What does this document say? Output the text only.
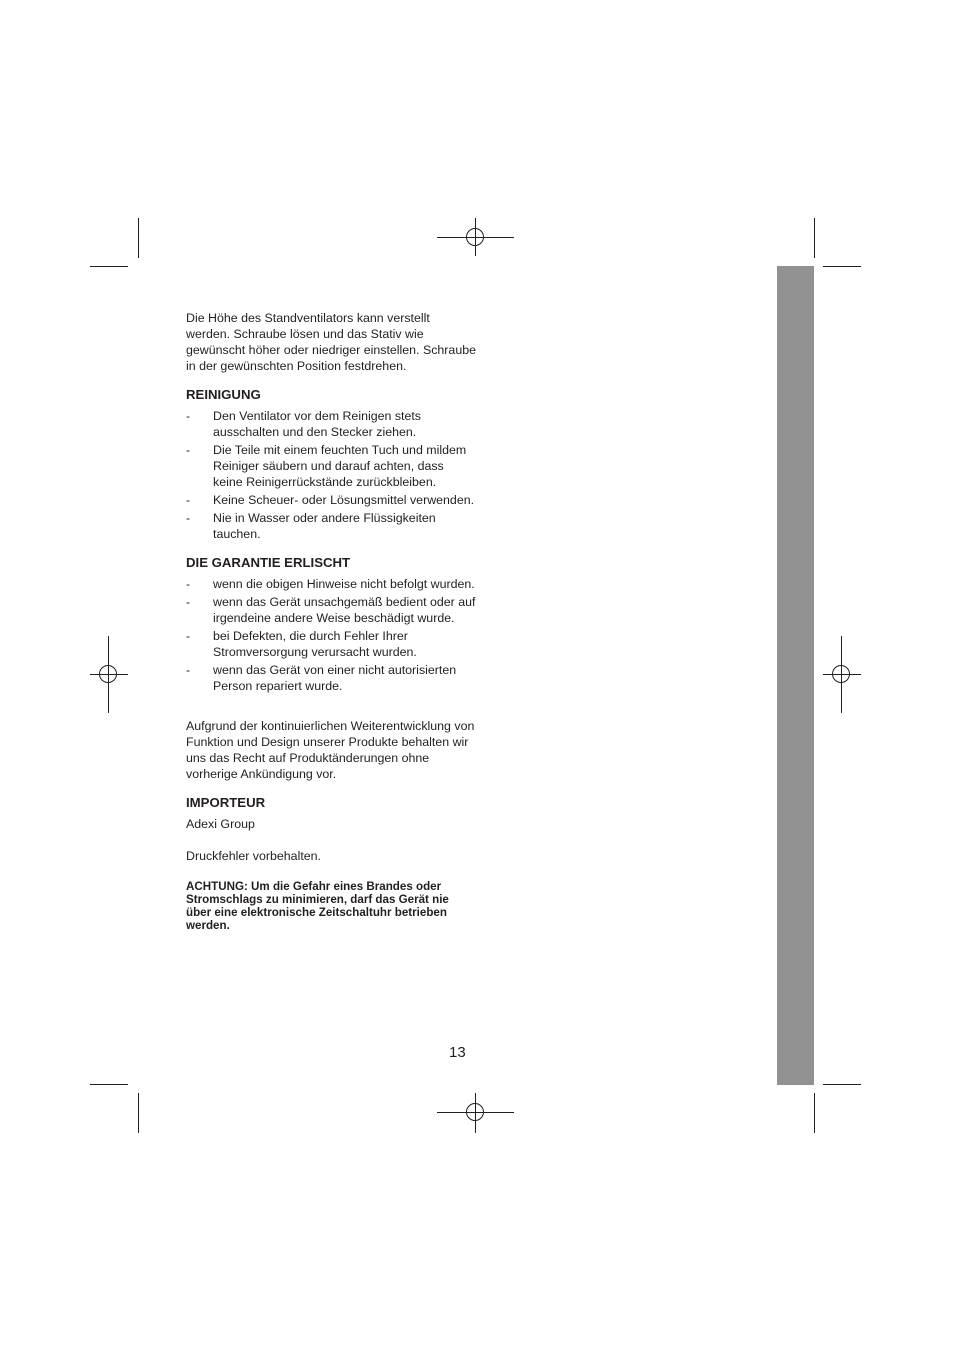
Die Höhe des Standventilators kann verstellt werden. Schraube lösen und das Stativ wie gewünscht höher oder niedriger einstellen. Schraube in der gewünschten Position festdrehen.

REINIGUNG
- Den Ventilator vor dem Reinigen stets ausschalten und den Stecker ziehen.
- Die Teile mit einem feuchten Tuch und mildem Reiniger säubern und darauf achten, dass keine Reinigerrückstände zurückbleiben.
- Keine Scheuer- oder Lösungsmittel verwenden.
- Nie in Wasser oder andere Flüssigkeiten tauchen.
DIE GARANTIE ERLISCHT
- wenn die obigen Hinweise nicht befolgt wurden.
- wenn das Gerät unsachgemäß bedient oder auf irgendeine andere Weise beschädigt wurde.
- bei Defekten, die durch Fehler Ihrer Stromversorgung verursacht wurden.
- wenn das Gerät von einer nicht autorisierten Person repariert wurde.

Aufgrund der kontinuierlichen Weiterentwicklung von Funktion und Design unserer Produkte behalten wir uns das Recht auf Produktänderungen ohne vorherige Ankündigung vor.

IMPORTEUR

Adexi Group

Druckfehler vorbehalten.

ACHTUNG: Um die Gefahr eines Brandes oder Stromschlags zu minimieren, darf das Gerät nie über eine elektronische Zeitschaltuhr betrieben werden.

13
